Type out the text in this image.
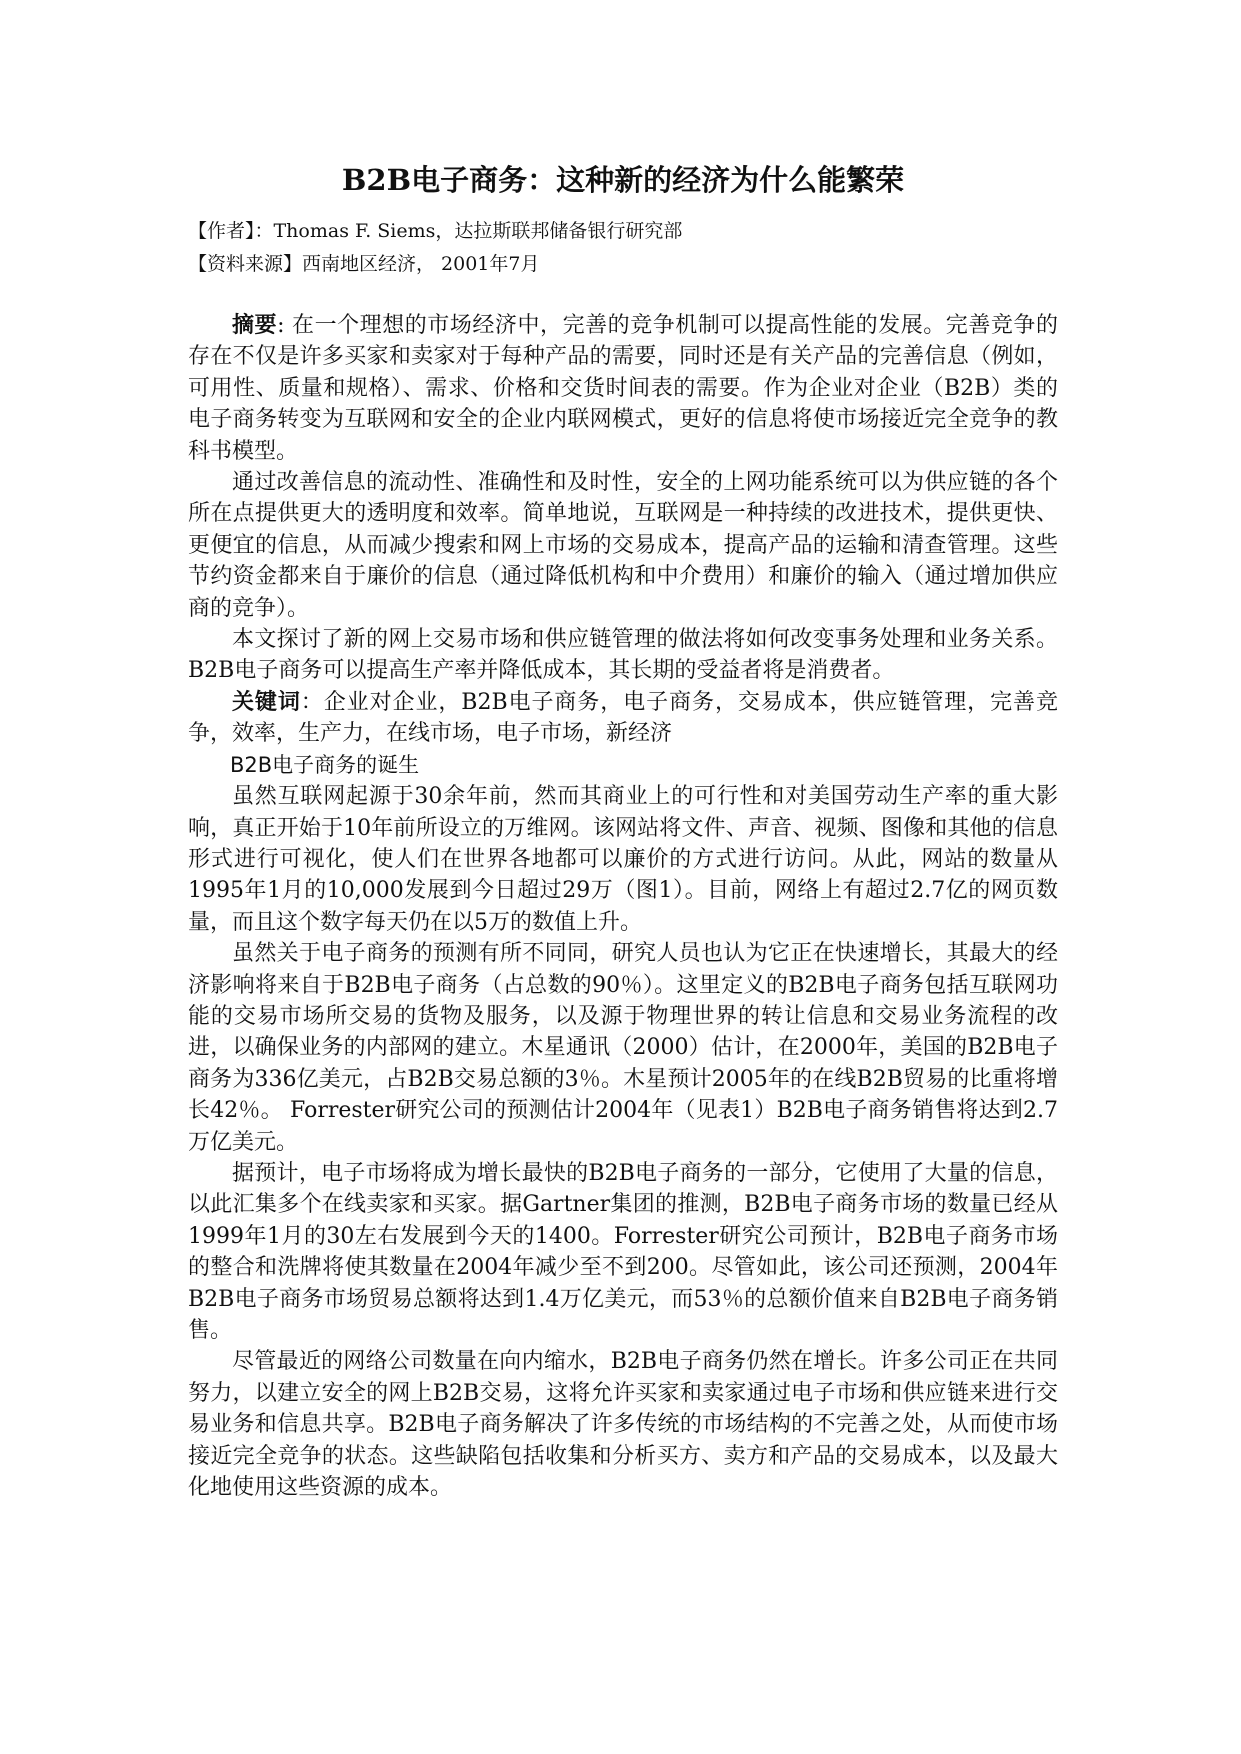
B2B电子商务：这种新的经济为什么能繁荣

【作者】：Thomas F. Siems，达拉斯联邦储备银行研究部

【资料来源】西南地区经济， 2001年7月

摘要: 在一个理想的市场经济中，完善的竞争机制可以提高性能的发展。完善竞争的存在不仅是许多买家和卖家对于每种产品的需要，同时还是有关产品的完善信息（例如，可用性、质量和规格）、需求、价格和交货时间表的需要。作为企业对企业（B2B）类的电子商务转变为互联网和安全的企业内联网模式，更好的信息将使市场接近完全竞争的教科书模型。

通过改善信息的流动性、准确性和及时性，安全的上网功能系统可以为供应链的各个所在点提供更大的透明度和效率。简单地说，互联网是一种持续的改进技术，提供更快、更便宜的信息，从而减少搜索和网上市场的交易成本，提高产品的运输和清查管理。这些节约资金都来自于廉价的信息（通过降低机构和中介费用）和廉价的输入（通过增加供应商的竞争）。

本文探讨了新的网上交易市场和供应链管理的做法将如何改变事务处理和业务关系。B2B电子商务可以提高生产率并降低成本，其长期的受益者将是消费者。

关键词：企业对企业，B2B电子商务，电子商务，交易成本，供应链管理，完善竞争，效率，生产力，在线市场，电子市场，新经济

B2B电子商务的诞生

虽然互联网起源于30余年前，然而其商业上的可行性和对美国劳动生产率的重大影响，真正开始于10年前所设立的万维网。该网站将文件、声音、视频、图像和其他的信息形式进行可视化，使人们在世界各地都可以廉价的方式进行访问。从此，网站的数量从1995年1月的10,000发展到今日超过29万（图1）。目前，网络上有超过2.7亿的网页数量，而且这个数字每天仍在以5万的数值上升。

虽然关于电子商务的预测有所不同同，研究人员也认为它正在快速增长，其最大的经济影响将来自于B2B电子商务（占总数的90％）。这里定义的B2B电子商务包括互联网功能的交易市场所交易的货物及服务，以及源于物理世界的转让信息和交易业务流程的改进，以确保业务的内部网的建立。木星通讯（2000）估计，在2000年，美国的B2B电子商务为336亿美元，占B2B交易总额的3％。木星预计2005年的在线B2B贸易的比重将增长42％。 Forrester研究公司的预测估计2004年（见表1）B2B电子商务销售将达到2.7万亿美元。

据预计，电子市场将成为增长最快的B2B电子商务的一部分，它使用了大量的信息，以此汇集多个在线卖家和买家。据Gartner集团的推测，B2B电子商务市场的数量已经从1999年1月的30左右发展到今天的1400。Forrester研究公司预计，B2B电子商务市场的整合和洗牌将使其数量在2004年减少至不到200。尽管如此，该公司还预测，2004年B2B电子商务市场贸易总额将达到1.4万亿美元，而53％的总额价值来自B2B电子商务销售。

尽管最近的网络公司数量在向内缩水，B2B电子商务仍然在增长。许多公司正在共同努力，以建立安全的网上B2B交易，这将允许买家和卖家通过电子市场和供应链来进行交易业务和信息共享。B2B电子商务解决了许多传统的市场结构的不完善之处，从而使市场接近完全竞争的状态。这些缺陷包括收集和分析买方、卖方和产品的交易成本，以及最大化地使用这些资源的成本。
